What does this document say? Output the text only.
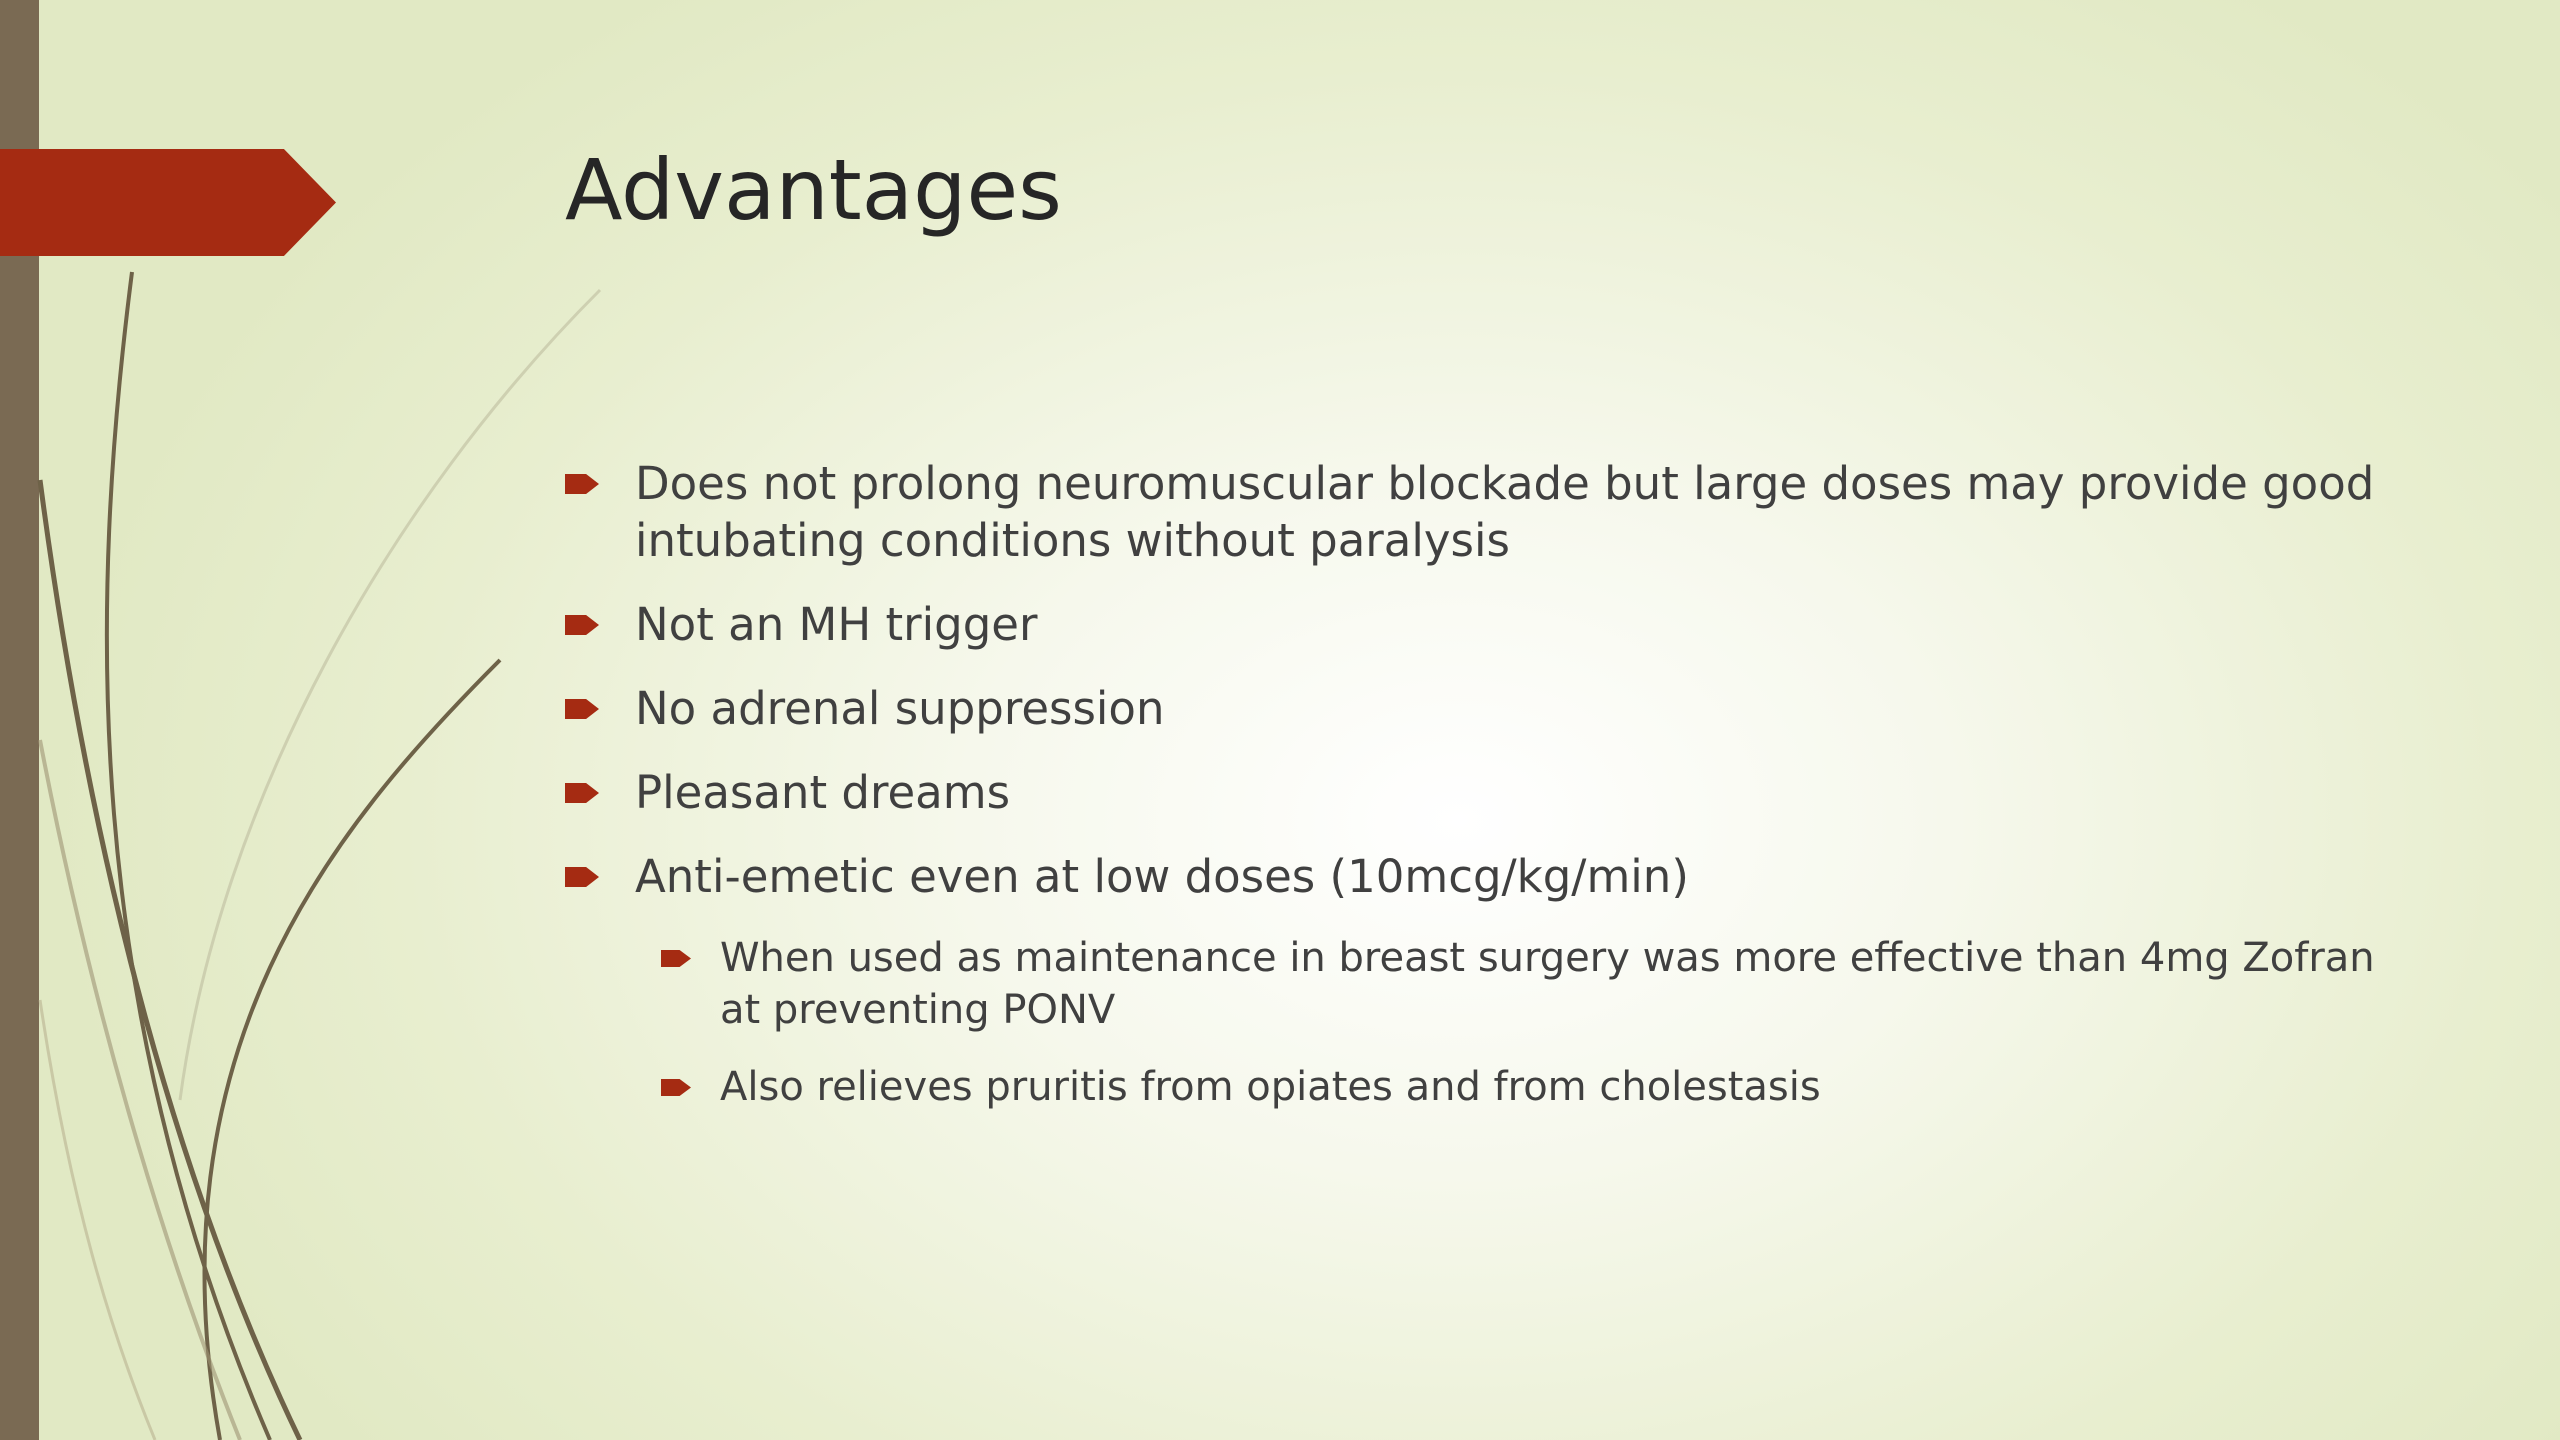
Advantages
Does not prolong neuromuscular blockade but large doses may provide good intubating conditions without paralysis
Not an MH trigger
No adrenal suppression
Pleasant dreams
Anti-emetic even at low doses (10mcg/kg/min)
When used as maintenance in breast surgery was more effective than 4mg Zofran at preventing PONV
Also relieves pruritis from opiates and from cholestasis
